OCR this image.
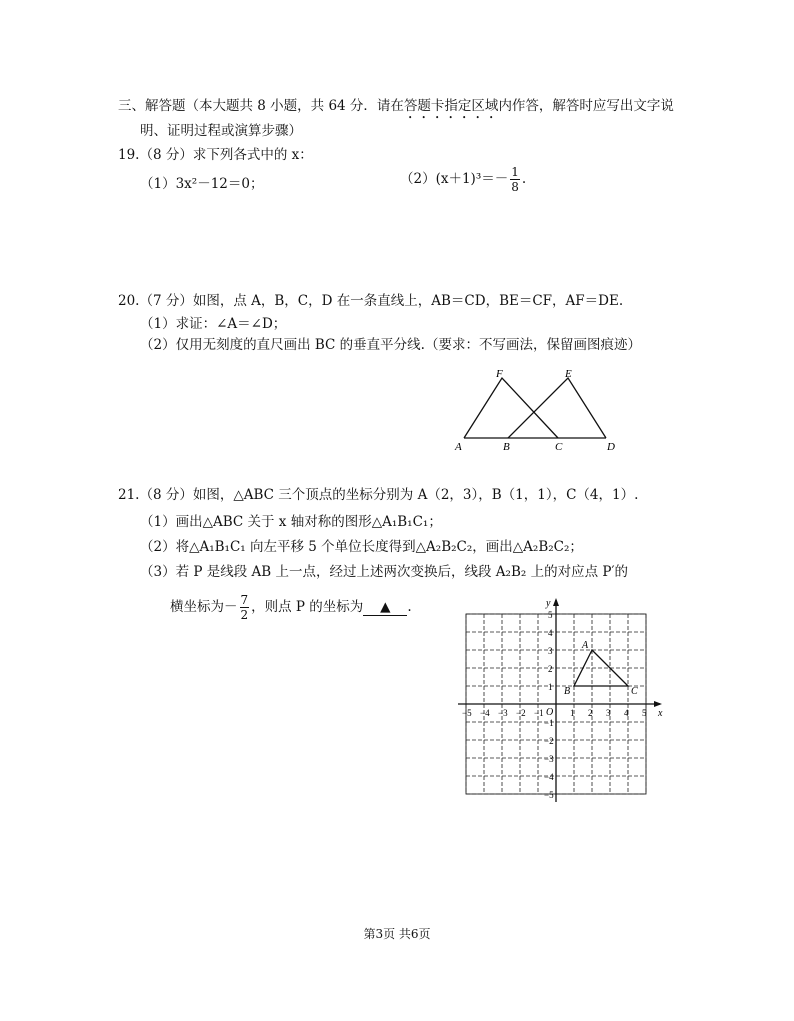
三、解答题（本大题共 8 小题，共 64 分．请在答题卡指定区域内作答，解答时应写出文字说
明、证明过程或演算步骤）
19.（8 分）求下列各式中的 x：
（1）3x²－12＝0；	$(2)(x+1)^3=- \frac{1}{8}$ .
20.（7 分）如图，点 A，B，C，D 在一条直线上，AB＝CD，BE＝CF，AF＝DE.
（1）求证：∠A＝∠D；
（2）仅用无刻度的直尺画出 BC 的垂直平分线.（要求：不写画法，保留画图痕迹）
F	E
A	B	C	D
21.（8 分）如图，△ABC 三个顶点的坐标分别为 A（2，3），B（1，1），C（4，1）.
（1）画出△ABC 关于 x 轴对称的图形△A₁B₁C₁；
（2）将△A₁B₁C₁ 向左平移 5 个单位长度得到△A₂B₂C₂，画出△A₂B₂C₂；
（3）若 P 是线段 AB 上一点，经过上述两次变换后，线段 A₂B₂ 上的对应点 P′的
横坐标为－ $\frac{7}{2}$ ，则点 P 的坐标为 ▲ .
x
y
O
−5 −4 −3 −2 −1	1 2 3 4 5
5
4
3
2
1
−1
−2
−3
−4
−5
A
B	C
第3页 共6页
